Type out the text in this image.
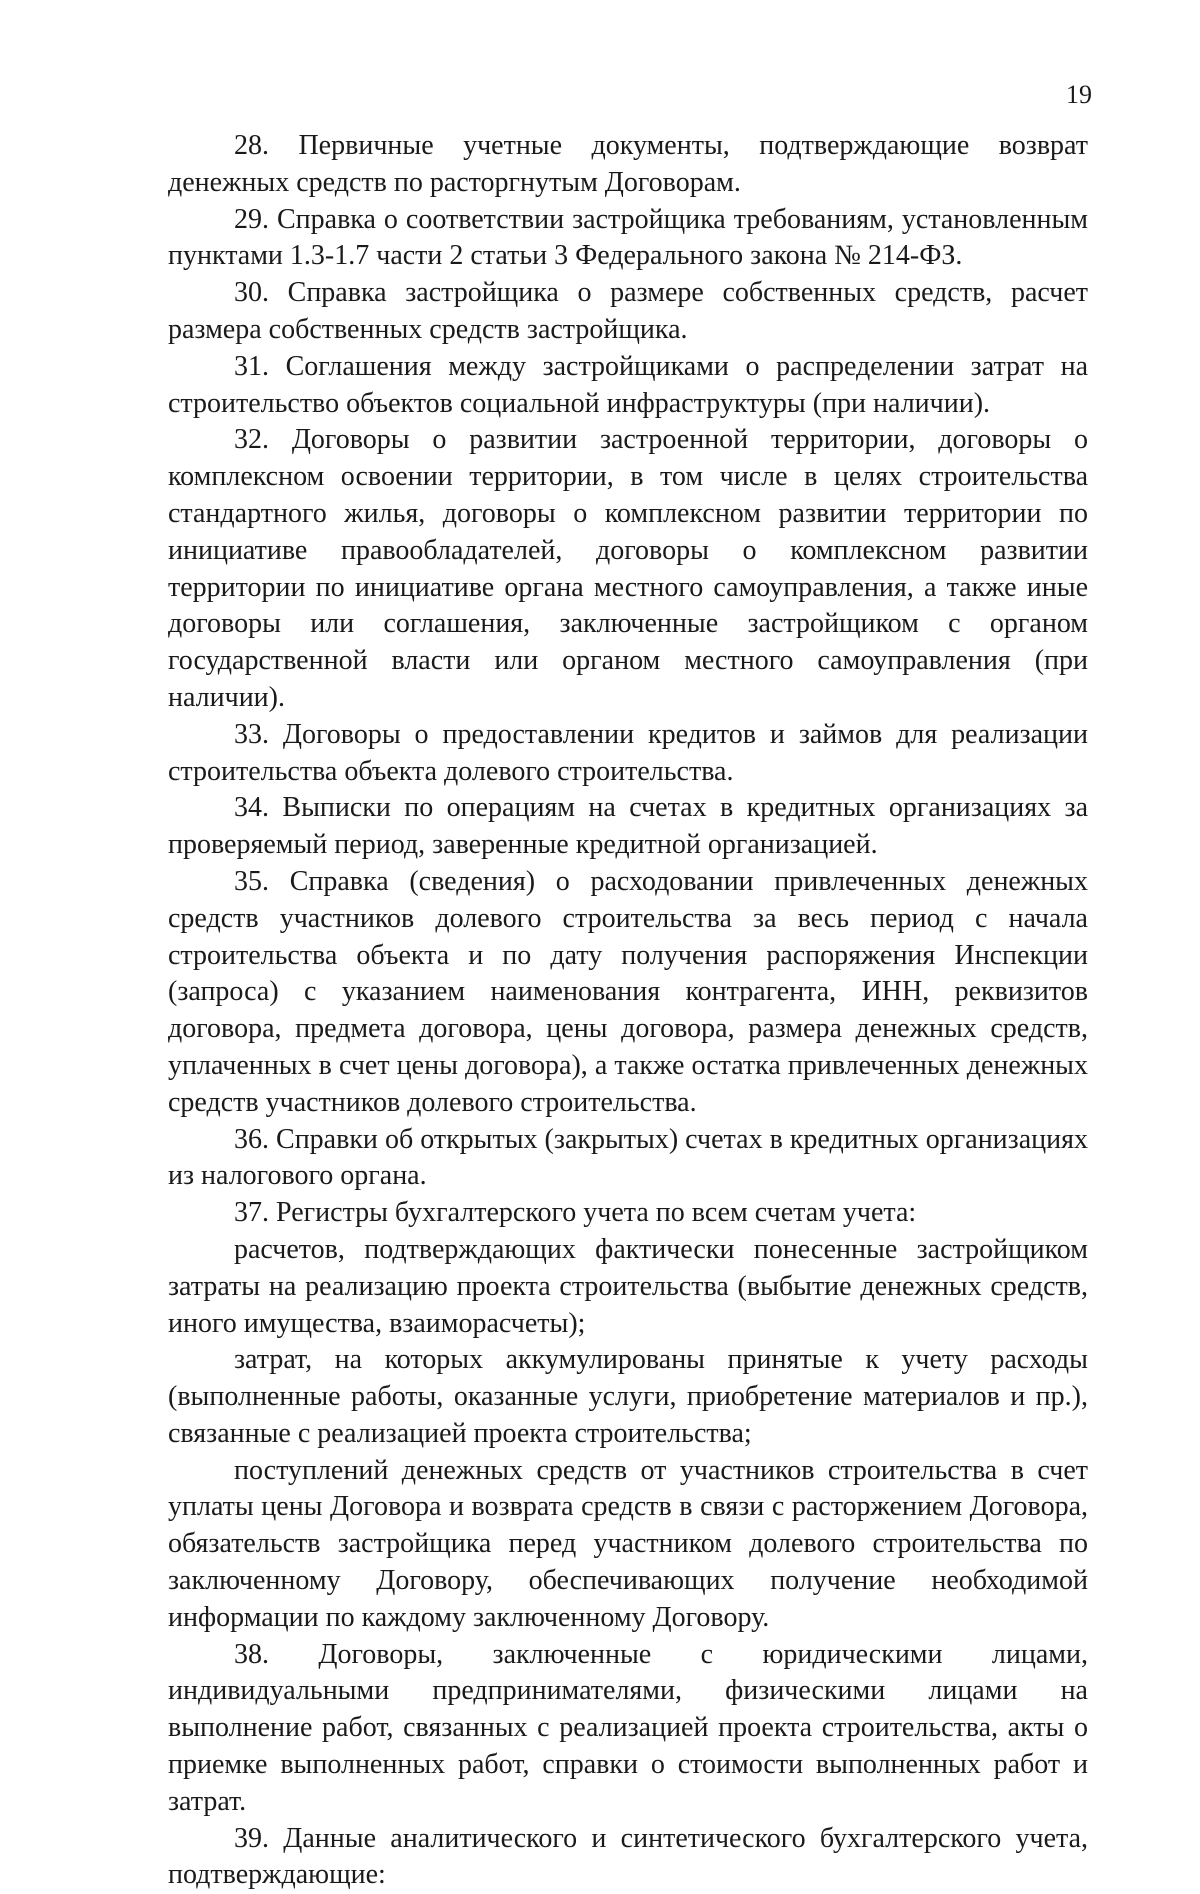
19

28. Первичные учетные документы, подтверждающие возврат денежных средств по расторгнутым Договорам.

29. Справка о соответствии застройщика требованиям, установленным пунктами 1.3-1.7 части 2 статьи 3 Федерального закона № 214-ФЗ.

30. Справка застройщика о размере собственных средств, расчет размера собственных средств застройщика.

31. Соглашения между застройщиками о распределении затрат на строительство объектов социальной инфраструктуры (при наличии).

32. Договоры о развитии застроенной территории, договоры о комплексном освоении территории, в том числе в целях строительства стандартного жилья, договоры о комплексном развитии территории по инициативе правообладателей, договоры о комплексном развитии территории по инициативе органа местного самоуправления, а также иные договоры или соглашения, заключенные застройщиком с органом государственной власти или органом местного самоуправления (при наличии).

33. Договоры о предоставлении кредитов и займов для реализации строительства объекта долевого строительства.

34. Выписки по операциям на счетах в кредитных организациях за проверяемый период, заверенные кредитной организацией.

35. Справка (сведения) о расходовании привлеченных денежных средств участников долевого строительства за весь период с начала строительства объекта и по дату получения распоряжения Инспекции (запроса) с указанием наименования контрагента, ИНН, реквизитов договора, предмета договора, цены договора, размера денежных средств, уплаченных в счет цены договора), а также остатка привлеченных денежных средств участников долевого строительства.

36. Справки об открытых (закрытых) счетах в кредитных организациях из налогового органа.

37. Регистры бухгалтерского учета по всем счетам учета:

расчетов, подтверждающих фактически понесенные застройщиком затраты на реализацию проекта строительства (выбытие денежных средств, иного имущества, взаиморасчеты);

затрат, на которых аккумулированы принятые к учету расходы (выполненные работы, оказанные услуги, приобретение материалов и пр.), связанные с реализацией проекта строительства;

поступлений денежных средств от участников строительства в счет уплаты цены Договора и возврата средств в связи с расторжением Договора, обязательств застройщика перед участником долевого строительства по заключенному Договору, обеспечивающих получение необходимой информации по каждому заключенному Договору.

38. Договоры, заключенные с юридическими лицами, индивидуальными предпринимателями, физическими лицами на выполнение работ, связанных с реализацией проекта строительства, акты о приемке выполненных работ, справки о стоимости выполненных работ и затрат.

39. Данные аналитического и синтетического бухгалтерского учета, подтверждающие:
